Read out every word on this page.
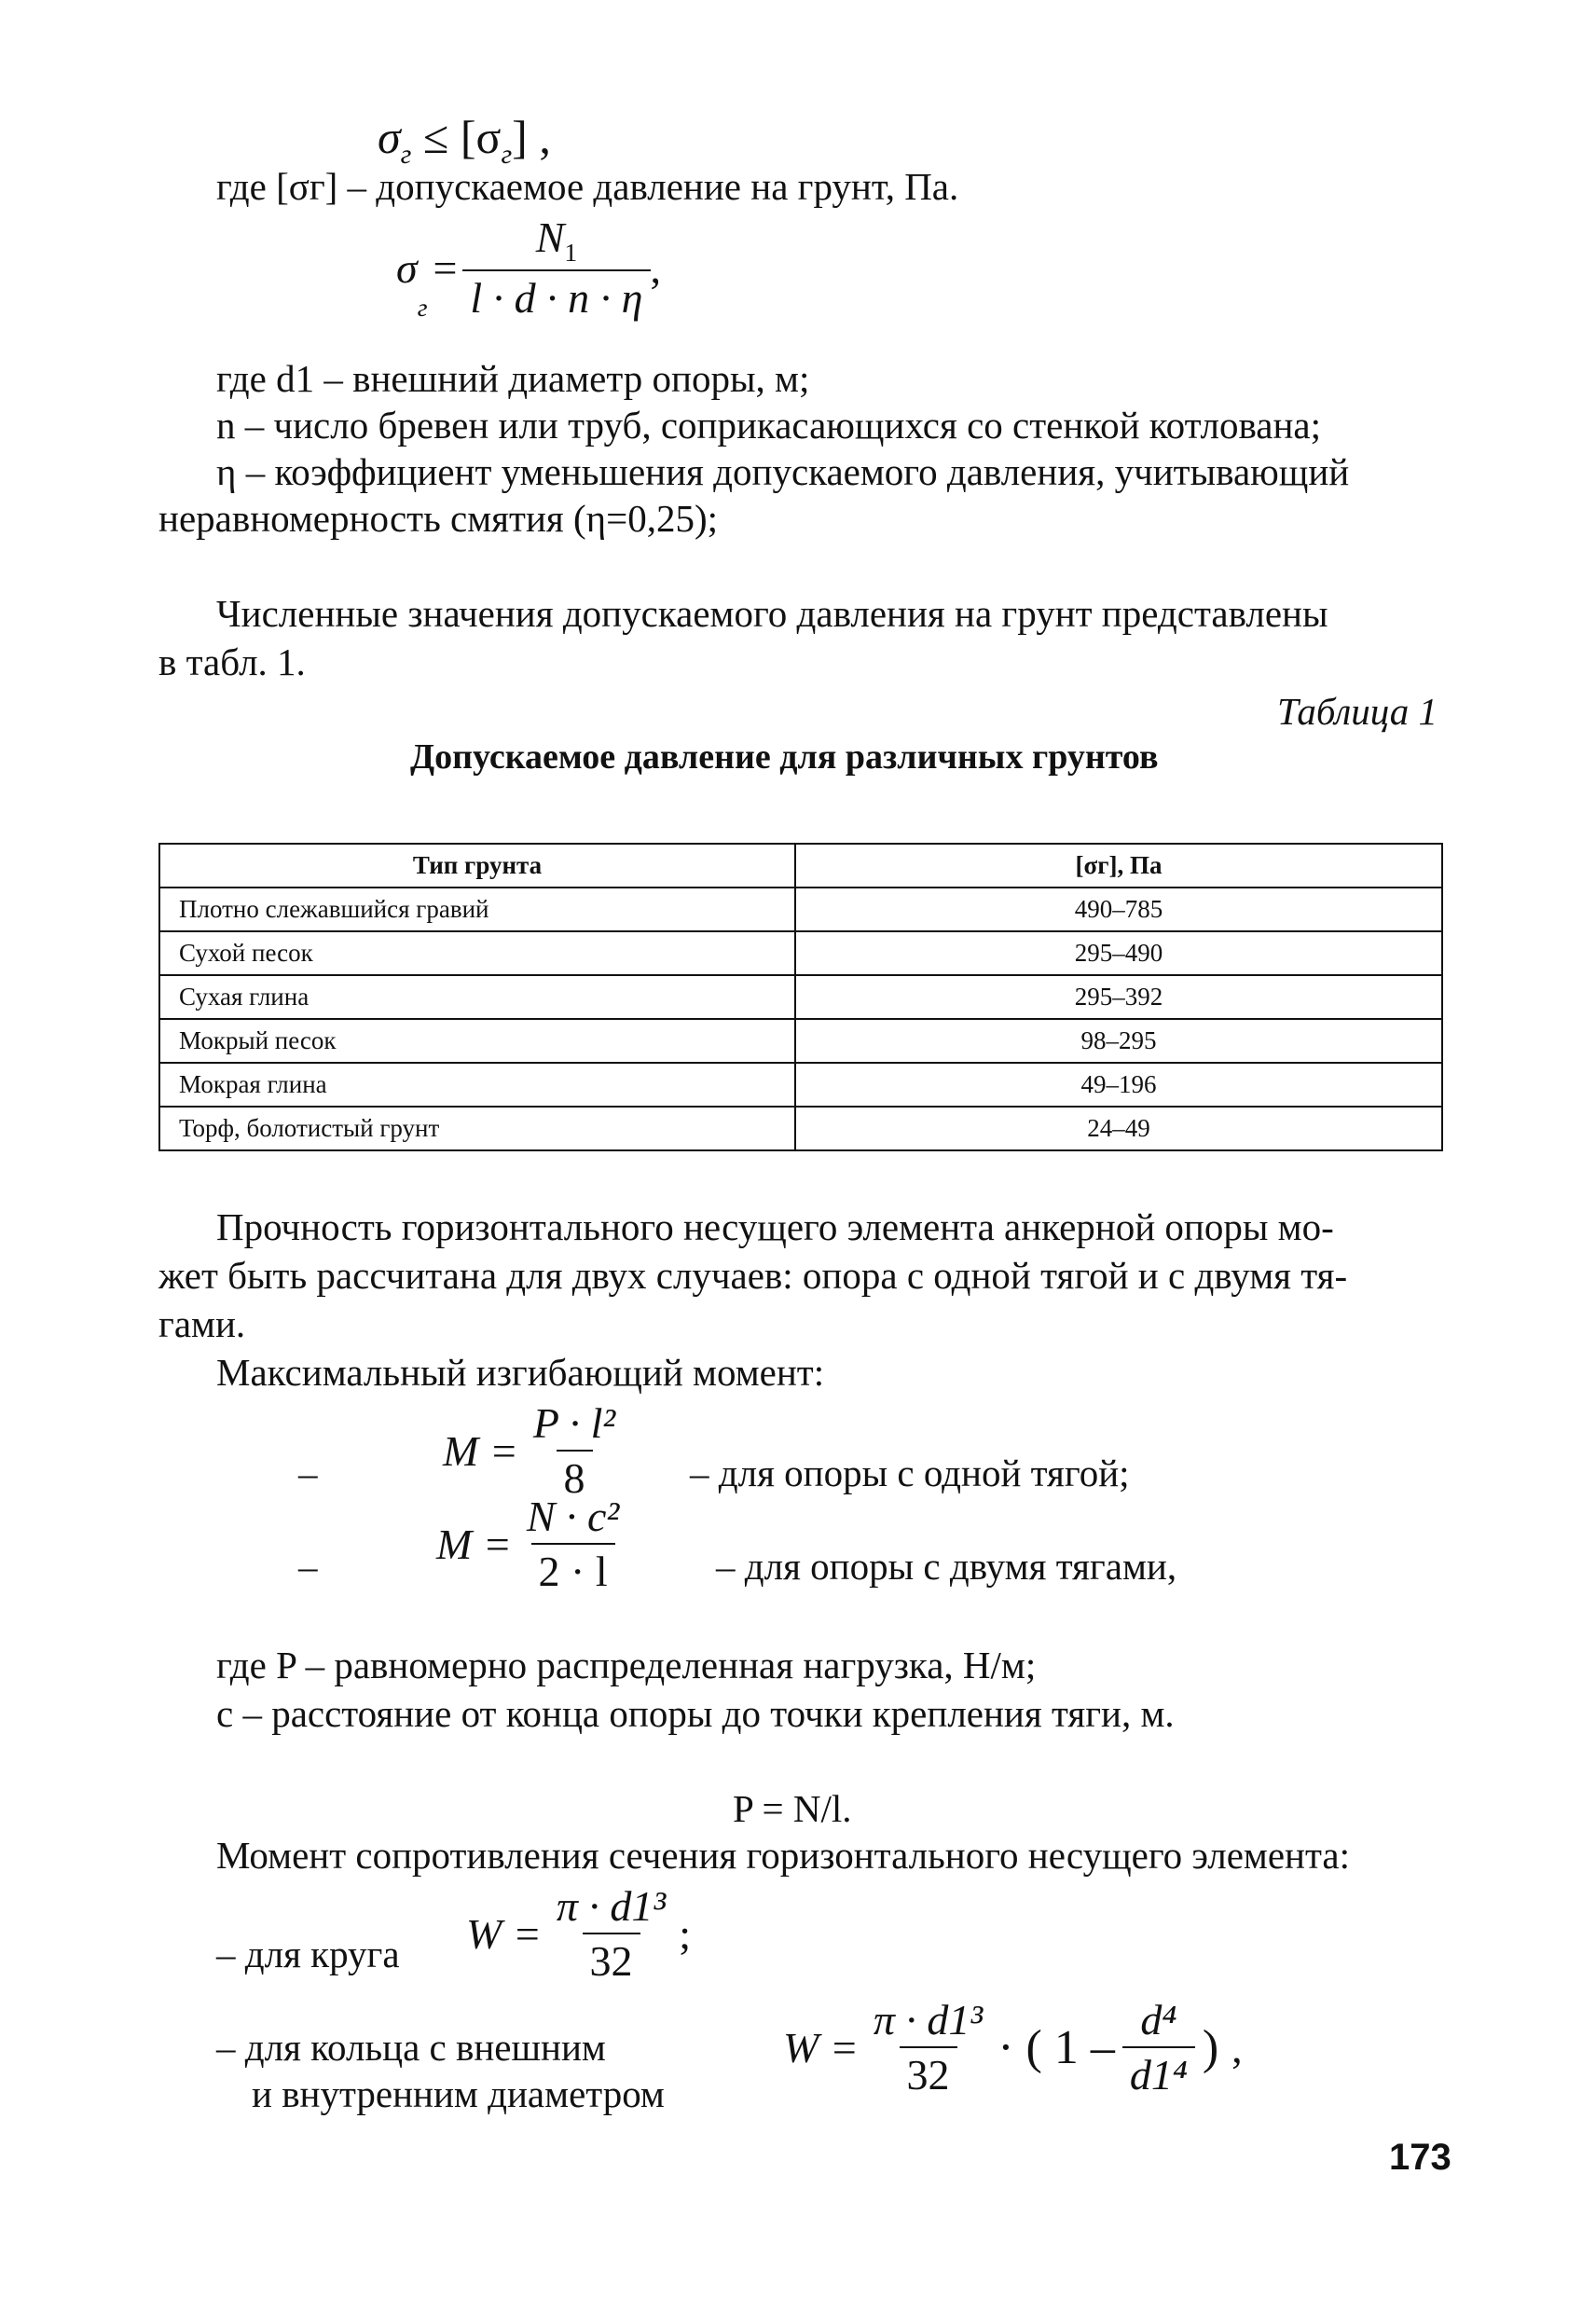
$\sigma_г \le [\sigma_г]$ ,
где [σг] – допускаемое давление на грунт, Па.
σ
г
= $\frac{N_1}{l \cdot d \cdot n \cdot \eta}$ ,
где d1 – внешний диаметр опоры, м;
n – число бревен или труб, соприкасающихся со стенкой котлована;
η – коэффициент уменьшения допускаемого давления, учитывающий
неравномерность смятия (η=0,25);
Численные значения допускаемого давления на грунт представлены
в табл. 1.
Таблица 1
Допускаемое давление для различных грунтов
Тип грунта	[σг], Па
Плотно слежавшийся гравий	490–785
Сухой песок	295–490
Сухая глина	295–392
Мокрый песок	98–295
Мокрая глина	49–196
Торф, болотистый грунт	24–49
Прочность горизонтального несущего элемента анкерной опоры мо-
жет быть рассчитана для двух случаев: опора с одной тягой и с двумя тя-
гами.
Максимальный изгибающий момент:
–	$M = \frac{\text{P · l²}}{8}$ – для опоры с одной тягой;
–	$M = \frac{\text{N · c²}}{2 \cdot l}$ – для опоры с двумя тягами,
где P – равномерно распределенная нагрузка, Н/м;
c – расстояние от конца опоры до точки крепления тяги, м.
P = N/l.
Момент сопротивления сечения горизонтального несущего элемента:
– для круга $W = \frac{\text{π · d1³}}{32}$ ;
– для кольца с внешним
и внутренним диаметром
$W = \frac{\text{π · d1³}}{32}$ · ( $1 - \frac{\text{d⁴}}{\text{d1⁴}}$ ) ,
173
